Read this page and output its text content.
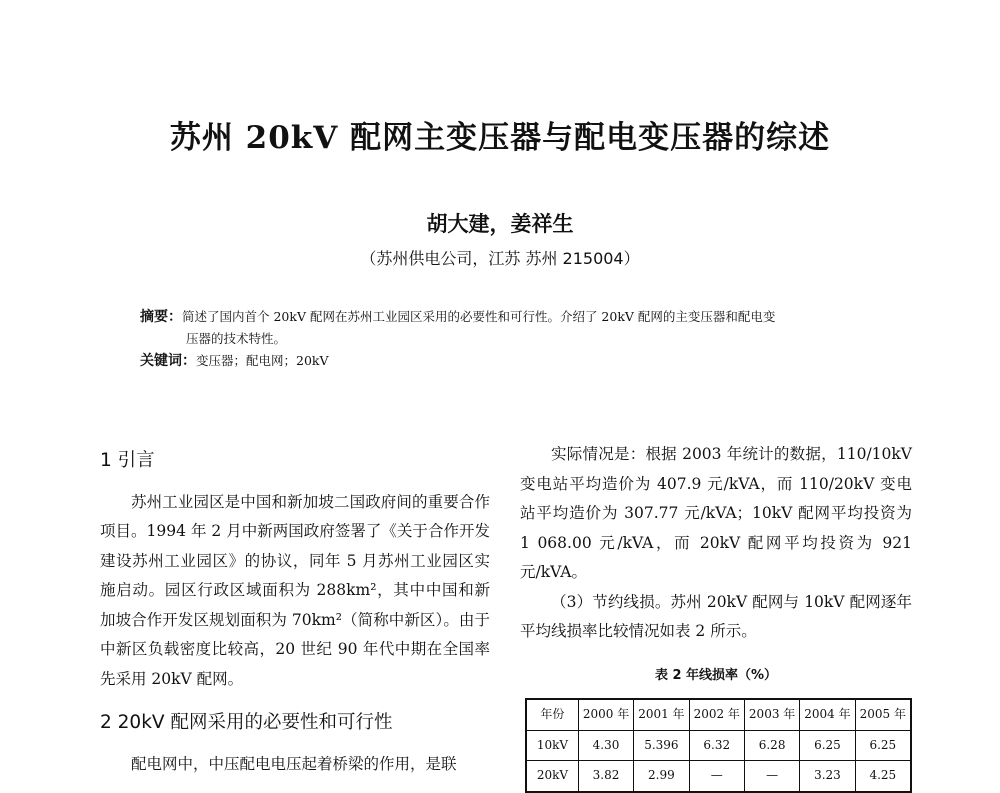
苏州 20kV 配网主变压器与配电变压器的综述
胡大建，姜祥生
（苏州供电公司，江苏 苏州 215004）
摘要：简述了国内首个 20kV 配网在苏州工业园区采用的必要性和可行性。介绍了 20kV 配网的主变压器和配电变
压器的技术特性。
关键词：变压器；配电网；20kV
1 引言

苏州工业园区是中国和新加坡二国政府间的重要合作项目。1994 年 2 月中新两国政府签署了《关于合作开发建设苏州工业园区》的协议，同年 5 月苏州工业园区实施启动。园区行政区域面积为 288km²，其中中国和新加坡合作开发区规划面积为 70km²（简称中新区）。由于中新区负载密度比较高，20 世纪 90 年代中期在全国率先采用 20kV 配网。

2 20kV 配网采用的必要性和可行性

配电网中，中压配电电压起着桥梁的作用，是联

实际情况是：根据 2003 年统计的数据，110/10kV 变电站平均造价为 407.9 元/kVA，而 110/20kV 变电站平均造价为 307.77 元/kVA；10kV 配网平均投资为 1 068.00 元/kVA，而 20kV 配网平均投资为 921 元/kVA。

（3）节约线损。苏州 20kV 配网与 10kV 配网逐年平均线损率比较情况如表 2 所示。

表 2 年线损率（%）
年份	2000 年	2001 年	2002 年	2003 年	2004 年	2005 年
10kV	4.30	5.396	6.32	6.28	6.25	6.25
20kV	3.82	2.99	—	—	3.23	4.25
